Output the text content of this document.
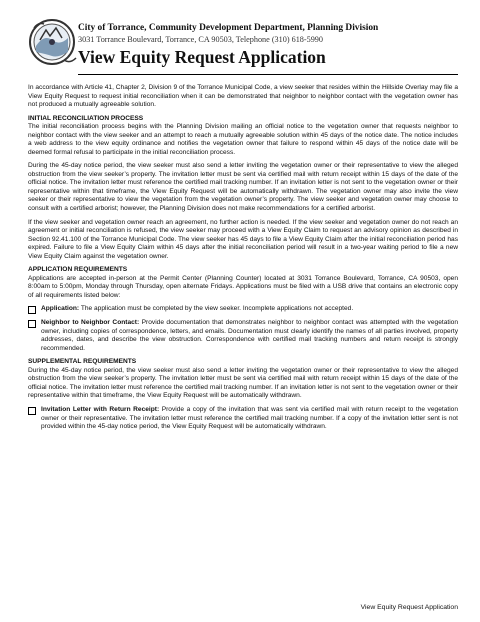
City of Torrance, Community Development Department, Planning Division
3031 Torrance Boulevard, Torrance, CA 90503, Telephone (310) 618-5990
View Equity Request Application

In accordance with Article 41, Chapter 2, Division 9 of the Torrance Municipal Code, a view seeker that resides within the Hillside Overlay may file a View Equity Request to request initial reconciliation when it can be demonstrated that neighbor to neighbor contact with the vegetation owner has not produced a mutually agreeable solution.

INITIAL RECONCILIATION PROCESS

The initial reconciliation process begins with the Planning Division mailing an official notice to the vegetation owner that requests neighbor to neighbor contact with the view seeker and an attempt to reach a mutually agreeable solution within 45 days of the notice date. The notice includes a web address to the view equity ordinance and notifies the vegetation owner that failure to respond within 45 days of the notice date will be deemed formal refusal to participate in the initial reconciliation process.

During the 45-day notice period, the view seeker must also send a letter inviting the vegetation owner or their representative to view the alleged obstruction from the view seeker’s property. The invitation letter must be sent via certified mail with return receipt within 15 days of the date of the official notice. The invitation letter must reference the certified mail tracking number. If an invitation letter is not sent to the vegetation owner or their representative within that timeframe, the View Equity Request will be automatically withdrawn. The vegetation owner may also invite the view seeker or their representative to view the vegetation from the vegetation owner’s property. The view seeker and vegetation owner may choose to consult with a certified arborist; however, the Planning Division does not make recommendations for a certified arborist.

If the view seeker and vegetation owner reach an agreement, no further action is needed. If the view seeker and vegetation owner do not reach an agreement or initial reconciliation is refused, the view seeker may proceed with a View Equity Claim to request an advisory opinion as described in Section 92.41.100 of the Torrance Municipal Code. The view seeker has 45 days to file a View Equity Claim after the initial reconciliation period has expired. Failure to file a View Equity Claim within 45 days after the initial reconciliation period will result in a two-year waiting period to file a new View Equity Claim against the vegetation owner.

APPLICATION REQUIREMENTS

Applications are accepted in-person at the Permit Center (Planning Counter) located at 3031 Torrance Boulevard, Torrance, CA 90503, open 8:00am to 5:00pm, Monday through Thursday, open alternate Fridays. Applications must be filed with a USB drive that contains an electronic copy of all requirements listed below:

Application: The application must be completed by the view seeker. Incomplete applications not accepted.
Neighbor to Neighbor Contact: Provide documentation that demonstrates neighbor to neighbor contact was attempted with the vegetation owner, including copies of correspondence, letters, and emails. Documentation must clearly identify the names of all parties involved, property addresses, dates, and describe the view obstruction. Correspondence with certified mail tracking numbers and return receipt is strongly recommended.
SUPPLEMENTAL REQUIREMENTS

During the 45-day notice period, the view seeker must also send a letter inviting the vegetation owner or their representative to view the alleged obstruction from the view seeker’s property. The invitation letter must be sent via certified mail with return receipt within 15 days of the date of the official notice. The invitation letter must reference the certified mail tracking number. If an invitation letter is not sent to the vegetation owner or their representative within that timeframe, the View Equity Request will be automatically withdrawn.

Invitation Letter with Return Receipt: Provide a copy of the invitation that was sent via certified mail with return receipt to the vegetation owner or their representative. The invitation letter must reference the certified mail tracking number. If a copy of the invitation letter sent is not provided within the 45-day notice period, the View Equity Request will be automatically withdrawn.
View Equity Request Application
